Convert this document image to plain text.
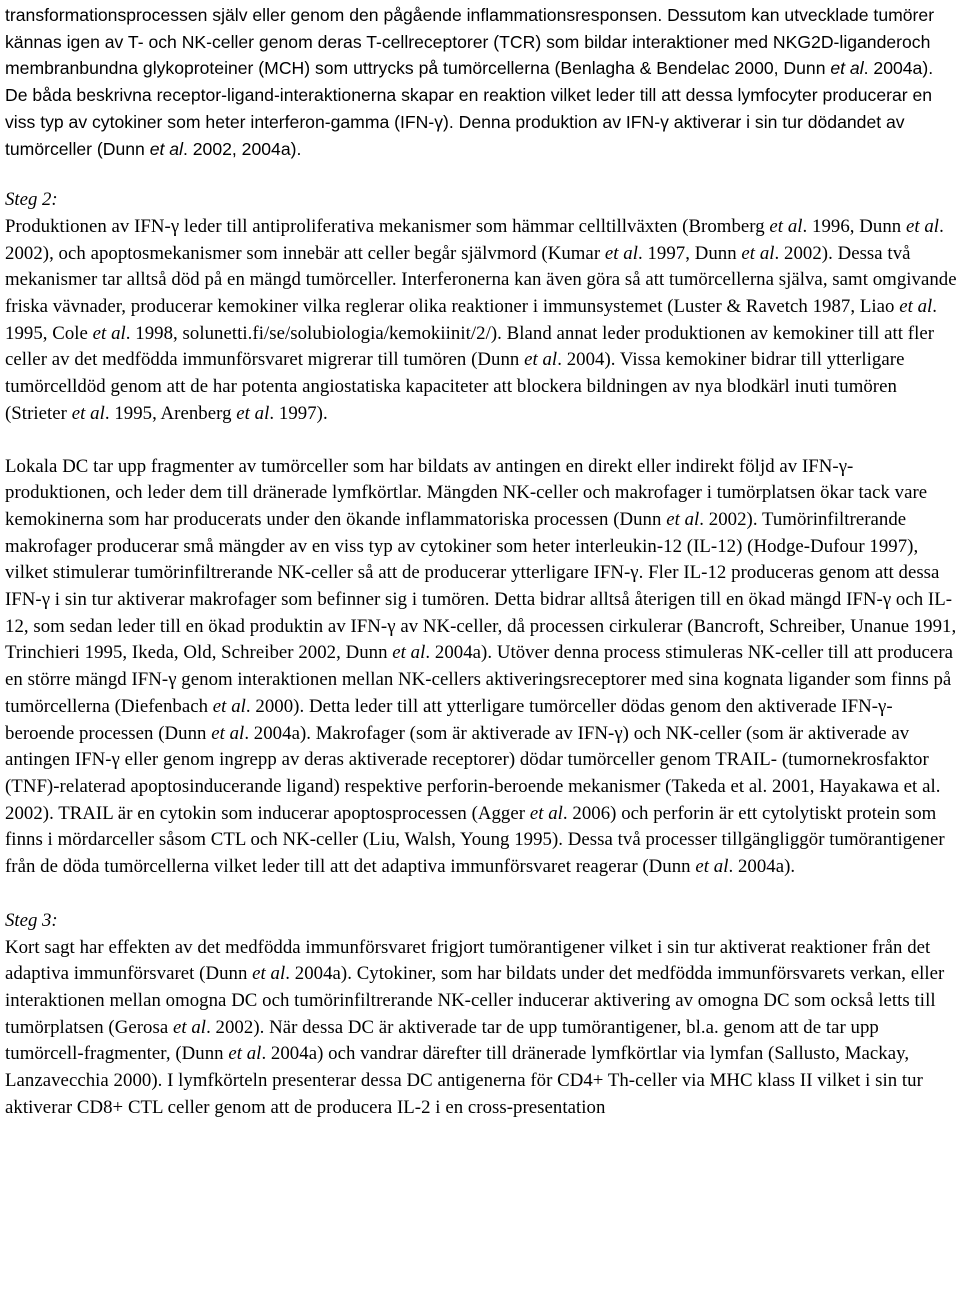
transformationsprocessen själv eller genom den pågående inflammationsresponsen. Dessutom kan utvecklade tumörer kännas igen av T- och NK-celler genom deras T-cellreceptorer (TCR) som bildar interaktioner med NKG2D-liganderoch membranbundna glykoproteiner (MCH) som uttrycks på tumörcellerna (Benlagha & Bendelac 2000, Dunn et al. 2004a). De båda beskrivna receptor-ligand-interaktionerna skapar en reaktion vilket leder till att dessa lymfocyter producerar en viss typ av cytokiner som heter interferon-gamma (IFN-γ). Denna produktion av IFN-γ aktiverar i sin tur dödandet av tumörceller (Dunn et al. 2002, 2004a).

Steg 2:

Produktionen av IFN-γ leder till antiproliferativa mekanismer som hämmar celltillväxten (Bromberg et al. 1996, Dunn et al. 2002), och apoptosmekanismer som innebär att celler begår självmord (Kumar et al. 1997, Dunn et al. 2002). Dessa två mekanismer tar alltså död på en mängd tumörceller. Interferonerna kan även göra så att tumörcellerna själva, samt omgivande friska vävnader, producerar kemokiner vilka reglerar olika reaktioner i immunsystemet (Luster & Ravetch 1987, Liao et al. 1995, Cole et al. 1998, solunetti.fi/se/solubiologia/kemokiinit/2/). Bland annat leder produktionen av kemokiner till att fler celler av det medfödda immunförsvaret migrerar till tumören (Dunn et al. 2004). Vissa kemokiner bidrar till ytterligare tumörcelldöd genom att de har potenta angiostatiska kapaciteter att blockera bildningen av nya blodkärl inuti tumören (Strieter et al. 1995, Arenberg et al. 1997).

Lokala DC tar upp fragmenter av tumörceller som har bildats av antingen en direkt eller indirekt följd av IFN-γ-produktionen, och leder dem till dränerade lymfkörtlar. Mängden NK-celler och makrofager i tumörplatsen ökar tack vare kemokinerna som har producerats under den ökande inflammatoriska processen (Dunn et al. 2002). Tumörinfiltrerande makrofager producerar små mängder av en viss typ av cytokiner som heter interleukin-12 (IL-12) (Hodge-Dufour 1997), vilket stimulerar tumörinfiltrerande NK-celler så att de producerar ytterligare IFN-γ. Fler IL-12 produceras genom att dessa IFN-γ i sin tur aktiverar makrofager som befinner sig i tumören. Detta bidrar alltså återigen till en ökad mängd IFN-γ och IL-12, som sedan leder till en ökad produktin av IFN-γ av NK-celler, då processen cirkulerar (Bancroft, Schreiber, Unanue 1991, Trinchieri 1995, Ikeda, Old, Schreiber 2002, Dunn et al. 2004a). Utöver denna process stimuleras NK-celler till att producera en större mängd IFN-γ genom interaktionen mellan NK-cellers aktiveringsreceptorer med sina kognata ligander som finns på tumörcellerna (Diefenbach et al. 2000). Detta leder till att ytterligare tumörceller dödas genom den aktiverade IFN-γ-beroende processen (Dunn et al. 2004a). Makrofager (som är aktiverade av IFN-γ) och NK-celler (som är aktiverade av antingen IFN-γ eller genom ingrepp av deras aktiverade receptorer) dödar tumörceller genom TRAIL- (tumornekrosfaktor (TNF)-relaterad apoptosinducerande ligand) respektive perforin-beroende mekanismer (Takeda et al. 2001, Hayakawa et al. 2002). TRAIL är en cytokin som inducerar apoptosprocessen (Agger et al. 2006) och perforin är ett cytolytiskt protein som finns i mördarceller såsom CTL och NK-celler (Liu, Walsh, Young 1995). Dessa två processer tillgängliggör tumörantigener från de döda tumörcellerna vilket leder till att det adaptiva immunförsvaret reagerar (Dunn et al. 2004a).

Steg 3:

Kort sagt har effekten av det medfödda immunförsvaret frigjort tumörantigener vilket i sin tur aktiverat reaktioner från det adaptiva immunförsvaret (Dunn et al. 2004a). Cytokiner, som har bildats under det medfödda immunförsvarets verkan, eller interaktionen mellan omogna DC och tumörinfiltrerande NK-celler inducerar aktivering av omogna DC som också letts till tumörplatsen (Gerosa et al. 2002). När dessa DC är aktiverade tar de upp tumörantigener, bl.a. genom att de tar upp tumörcell-fragmenter, (Dunn et al. 2004a) och vandrar därefter till dränerade lymfkörtlar via lymfan (Sallusto, Mackay, Lanzavecchia 2000). I lymfkörteln presenterar dessa DC antigenerna för CD4+ Th-celler via MHC klass II vilket i sin tur aktiverar CD8+ CTL celler genom att de producera IL-2 i en cross-presentation
